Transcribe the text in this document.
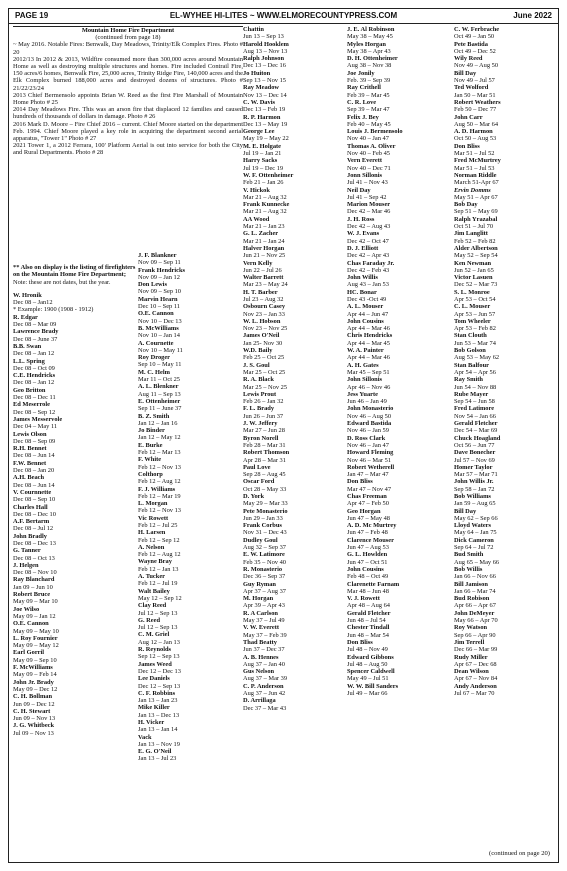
PAGE 19	EL-WYHEE HI-LITES ~ WWW.ELMORECOUNTYPRESS.COM	June 2022
Mountain Home Fire Department
(continued from page 18)
~ May 2016. Notable Fires: Benwalk, Day Meadows, Trinity/Elk Complex Fires. Photo # 20
2012/13 In 2012 & 2013, Wildfire consumed more than 300,000 acres around Mountain Home as well as destroying multiple structures and homes. Fire included Contrail Fire, 150 acres/6 homes, Benwalk Fire, 25,000 acres, Trinity Ridge Fire, 140,000 acres and the Elk Complex burned 188,000 acres and destroyed dozens of structures. Photo # 21/22/23/24
2013 Chief Bermensolo appoints Brian W. Reed as the first Fire Marshall of Mountain Home Photo # 25
2014 Day Meadows Fire. This was an arson fire that displaced 12 families and caused hundreds of thousands of dollars in damage. Photo # 26
2016 Mark D. Moore – Fire Chief 2016 – current. Chief Moore started on the department Feb. 1994. Chief Moore played a key role in acquiring the department second aerial apparatus, "Tower 1" Photo # 27
2021 Tower 1, a 2012 Ferrara, 100' Platform Aerial is out into service for both the City and Rural Departments. Photo # 28
** Also on display is the listing of firefighters on the Mountain Home Fire Department;
Note: these are not dates, but the year.
W. Hronik
Dec 08 – Jan12
* Example: 1900 (1908 - 1912)
R. Edgar
Dec 08 – Mar 09
Lawrence Brady
Dec 08 – June 37
B.B. Swan
Dec 08 – Jan 12
L.L. Spring
Dec 08 – Oct 09
C.E. Hendricks
Dec 08 – Jan 12
Geo Britton
Dec 08 – Dec 11
Ed Meserrole
Dec 08 – Sep 12
James Messervole
Dec 04 – May 11
Lewis Olson
Dec 08 – Sep 09
R.H. Bennet
Dec 08 – Jun 14
F.W. Bennet
Dec 08 – Jan 20
A.H. Beach
Dec 08 – Jun 14
V. Cournnette
Dec 08 – Sep 10
Charles Hall
Dec 08 – Dec 10
A.F. Bertarm
Dec 08 – Jul 12
John Bradly
Dec 08 – Dec 13
G. Tanner
Dec 08 – Oct 13
J. Helgen
Dec 08 – Nov 10
Ray Blanchard
Jan 09 – Jun 10
Robert Bruce
May 09 – Mar 10
Joe Wilso
May 09 – Jan 12
O.E. Cannon
May 09 – May 10
L. Roy Fournier
May 09 – May 12
Earl Gorril
May 09 – Sep 10
F. McWilliams
May 09 – Feb 14
John Jr. Brady
May 09 – Dec 12
C. H. Bollman
Jun 09 – Dec 12
C. H. Stewart
Jun 09 – Nov 13
J. G. Whitbeck
Jul 09 – Nov 13
J. F. Blankner
Nov 09 – Sep 11
Frank Hendricks
Nov 09 – Jan 12
Don Lewis
Nov 09 – Sep 10
Marvin Hearn
Dec 10 – Sep 11
O.E. Cannon
Nov 10 – Dec 13
B. McWilliams
Nov 10 – Jan 14
A. Cournette
Nov 10 – May 11
Roy Droger
Sep 10 – May 11
M. C. Helm
Mar 11 – Oct 25
A. L. Blenkner
Aug 11 – Sep 13
E. Ottenheimer
Sep 11 – June 37
B. Z. Smith
Jan 12 – Jan 16
Jo Binder
Jan 12 – May 12
E. Burke
Feb 12 – Mar 13
F. White
Feb 12 – Nov 13
Colthorp
Feb 12 – Aug 12
F. J. Williams
Feb 12 – Mar 19
L. Morgan
Feb 12 – Nov 13
Vic Rowett
Feb 12 – Jul 25
H. Larsen
Feb 12 – Sep 12
A. Nelson
Feb 12 – Aug 12
Wayne Bray
Feb 12 – Jan 13
A. Tucker
Feb 12 – Jul 19
Walt Bailey
May 12 – Sep 12
Clay Reed
Jul 12 – Sep 13
G. Reed
Jul 12 – Sep 13
C. M. Griel
Aug 12 – Jan 13
R. Reynolds
Sep 12 – Sep 13
James Weed
Dec 12 – Dec 13
Lee Daniels
Dec 12 – Sep 13
C. F. Robbins
Jan 13 – Jan 23
Mike Killer
Jan 13 – Dec 13
H. Vicker
Jan 13 – Jan 14
Vack
Jan 13 – Nov 19
E. G. O'Neil
Jan 13 – Jul 23
Chattin
Jun 13 – Sep 13
Harold Hooklem
Aug 13 – Nov 13
Ralph Johnson
Dec 13 – Dec 16
Jo Huiton
Sep 13 – Nov 15
Ray Meadow
Nov 13 – Dec 14
C. W. Davis
Dec 13 – Feb 19
R. P. Harmon
Dec 13 – May 19
George Lee
May 19 – May 22
M. E. Holgate
Jul 19 – Jan 21
Harry Sacks
Jul 19 – Dec 19
W. F. Ottenheimer
Feb 21 – Jan 26
V. Hickok
Mar 21 – Aug 32
Frank Kunnecke
Mar 21 – Aug 32
AA Wood
Mar 21 – Jan 23
G. L. Zacher
Mar 21 – Jan 24
Halver Horgan
Jun 21 – Nov 25
Vern Kelly
Jun 22 – Jul 26
Walter Barrett
Mar 23 – May 24
H. T. Barber
Jul 23 – Aug 32
Osbourn Casey
Nov 23 – Jan 33
W. L. Hobson
Nov 23 – Nov 25
James O'Neil
Jan 25- Nov 30
W.D. Baily
Feb 25 – Oct 25
J. S. Goul
Mar 25 – Oct 25
R. A. Black
Mar 25 – Nov 25
Lewis Prout
Feb 26 – Jan 32
F. L. Brady
Jun 26 – Jun 37
J. W. Jeffery
Mar 27 – Jun 28
Byron Norell
Feb 28 – Mar 31
Robert Thomson
Apr 28 – Mar 31
Paul Love
Sep 28 – Aug 45
Oscar Ford
Oct 28 – May 33
D. York
May 29 – Mar 33
Pete Monasterio
Jun 29 – Jan 33
Frank Corbus
Nov 31 – Dec 43
Dudley Goul
Aug 32 – Sep 37
E. W. Latimore
Feb 35 – Nov 40
R. Monasterio
Dec 36 – Sep 37
Guy Ryman
Apr 37 – Aug 37
M. Horgan
Apr 39 – Apr 43
R. A Carlson
May 37 – Jul 49
V. W. Everett
May 37 – Feb 39
Thad Beatty
Jun 37 – Dec 37
A. B. Hennes
Aug 37 – Jan 40
Gus Nelson
Aug 37 – Mar 39
C. P. Anderson
Aug 37 – Jun 42
D. Arrillaga
Dec 37 – Mar 43
J. E. Al Robinson
May 38 – May 45
Myles Horgan
May 38 – Apr 43
D. H. Ottenheimer
Aug 38 – Nov 38
Joe Jonily
Feb. 39 – Sep 39
Ray Crithell
Feb 39 – Mar 45
C. R. Love
Sep 39 – Mar 47
Felix J. Bey
Feb 40 – May 45
Louis J. Bermensolo
Nov 40 – Jan 47
Thomas A. Oliver
Nov 40 – Feb 45
Vern Everett
Nov 40 – Dec 71
Jonn Sillonis
Jul 41 – Nov 43
Neil Day
Jul 41 – Sep 42
Marion Mouser
Dec 42 – Mar 46
J. H. Ross
Dec 42 – Aug 43
W. J. Evans
Dec 42 – Oct 47
D. J. Elliott
Dec 42 – Apr 43
Chas Faraday Jr.
Dec 42 – Feb 43
John Willis
Aug 43 – Jan 53
HC. Bonar
Dec 43 -Oct 49
A. L. Mouser
Apr 44 – Jun 47
John Cousins
Apr 44 – Mar 46
Chris Hendricks
Apr 44 – Mar 45
W. A. Painter
Apr 44 – Mar 46
A. H. Gates
Mar 45 – Sep 51
John Sillonis
Apr 46 – Nov 46
Jess Yuarte
Jun 46 – Jan 49
John Monasterio
Nov 46 – Aug 50
Edward Bastida
Nov 46 – Jan 59
D. Ross Clark
Nov 46 – Jan 47
Howard Fleming
Nov 46 – Mar 51
Robert Wetherell
Jan 47 – Mar 47
Don Bliss
Mar 47 – Nov 47
Chas Freeman
Apr 47 – Feb 50
Geo Horgan
Jun 47 – May 48
A. D. Mc Murtrey
Jun 47 – Feb 48
Clarence Mouser
Jun 47 – Aug 53
G. L. Howlden
Jun 47 – Oct 51
John Cousins
Feb 48 – Oct 49
Clarenette Farnam
Mar 48 – Jun 48
V. J. Rowett
Apr 48 – Aug 64
Gerald Fletcher
Jun 48 – Jul 54
Chester Tindall
Jun 48 – Mar 54
Don Bliss
Jul 48 – Nov 49
Edward Gibbons
Jul 48 – Aug 50
Spencer Caldwell
May 49 – Jul 51
W. W. Bill Sanders
Jul 49 – Mar 66
C. W. Ferbrache
Oct 49 – Jan 50
Pete Bastida
Oct 49 – Dec 52
Wily Reed
Nov 49 – Aug 50
Bill Day
Nov 49 – Jul 57
Ted Wolford
Jan 50 – Mar 51
Robert Weathers
Feb 50 – Dec 77
John Carr
Aug 50 – Mar 64
A. D. Harmon
Oct 50 – Aug 53
Don Bliss
Mar 51 – Jul 52
Fred McMurtrey
Mar 51 – Jul 53
Norman Riddle
March 51-Apr 67
Ervin Domms
May 51 – Apr 67
Bob Day
Sep 51 – May 69
Ralph Yrazabal
Oct 51 – Jul 70
Jim Langlitt
Feb 52 – Feb 82
Alder Albertson
May 52 – Sep 54
Ken Newman
Jun 52 – Jan 65
Victor Lasuen
Dec 52 – Mar 73
S. L. Monroe
Apr 53 – Oct 54
C. L. Mouser
Apr 53 – Jun 57
Tom Wheeler
Apr 53 – Feb 82
Stan Clouth
Jun 53 – Mar 74
Bob Golson
Aug 53 – May 62
Stan Balfour
Apr 54 – Apr 56
Ray Smith
Jun 54 – Nov 88
Rube Mayer
Sep 54 – Jun 58
Fred Latimore
Nov 54 – Jan 66
Gerald Fletcher
Dec 54 – Mar 69
Chuck Hoagland
Oct 56 – Jun 77
Dave Bonecher
Jul 57 – Nov 69
Homer Taylor
Mar 57 – Mar 71
John Willis Jr.
Sep 58 – Jan 72
Bob Williams
Jan 59 – Aug 65
Bill Day
May 62 – Sep 66
Lloyd Waters
May 64 – Jan 75
Dick Cameron
Sep 64 – Jul 72
Bud Smith
Aug 65 – May 66
Bob Willis
Jan 66 – Nov 66
Bill Jamison
Jan 66 – Mar 74
Bud Robison
Apr 66 – Apr 67
John DeMeyer
May 66 – Apr 70
Roy Watson
Sep 66 – Apr 90
Jim Terrell
Dec 66 – Mar 99
Rudy Miller
Apr 67 – Dec 68
Dean Wilson
Apr 67 – Nov 84
Andy Anderson
Jul 67 – Mar 70
(continued on page 20)
